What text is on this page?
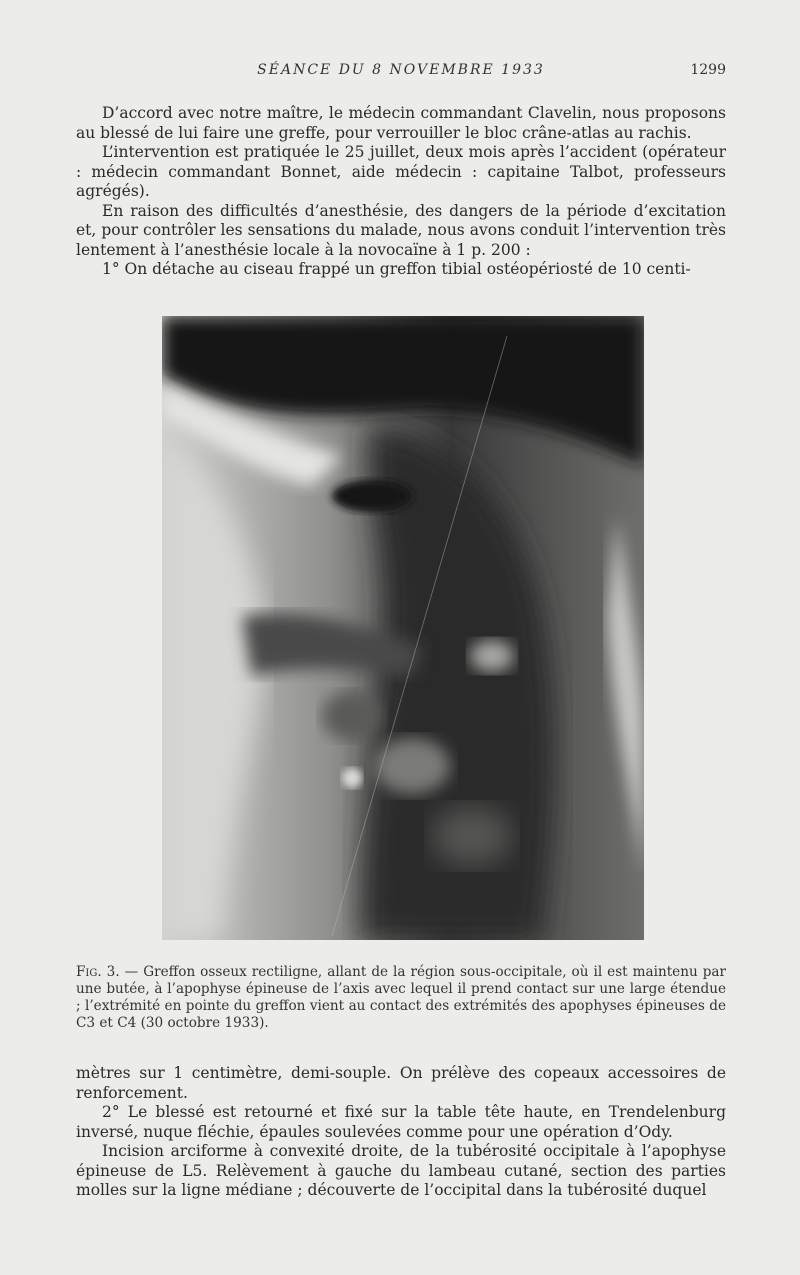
SÉANCE DU 8 NOVEMBRE 1933	1299

D’accord avec notre maître, le médecin commandant Clavelin, nous proposons au blessé de lui faire une greffe, pour verrouiller le bloc crâne-atlas au rachis.

L’intervention est pratiquée le 25 juillet, deux mois après l’accident (opérateur : médecin commandant Bonnet, aide médecin : capitaine Talbot, professeurs agrégés).

En raison des difficultés d’anesthésie, des dangers de la période d’excitation et, pour contrôler les sensations du malade, nous avons conduit l’intervention très lentement à l’anesthésie locale à la novocaïne à 1 p. 200 :

1° On détache au ciseau frappé un greffon tibial ostéopériosté de 10 centi-

Fig. 3. — Greffon osseux rectiligne, allant de la région sous-occipitale, où il est maintenu par une butée, à l’apophyse épineuse de l’axis avec lequel il prend contact sur une large étendue ; l’extrémité en pointe du greffon vient au contact des extrémités des apophyses épineuses de C3 et C4 (30 octobre 1933).

mètres sur 1 centimètre, demi-souple. On prélève des copeaux accessoires de renforcement.

2° Le blessé est retourné et fixé sur la table tête haute, en Trendelenburg inversé, nuque fléchie, épaules soulevées comme pour une opération d’Ody.

Incision arciforme à convexité droite, de la tubérosité occipitale à l’apophyse épineuse de L5. Relèvement à gauche du lambeau cutané, section des parties molles sur la ligne médiane ; découverte de l’occipital dans la tubérosité duquel
